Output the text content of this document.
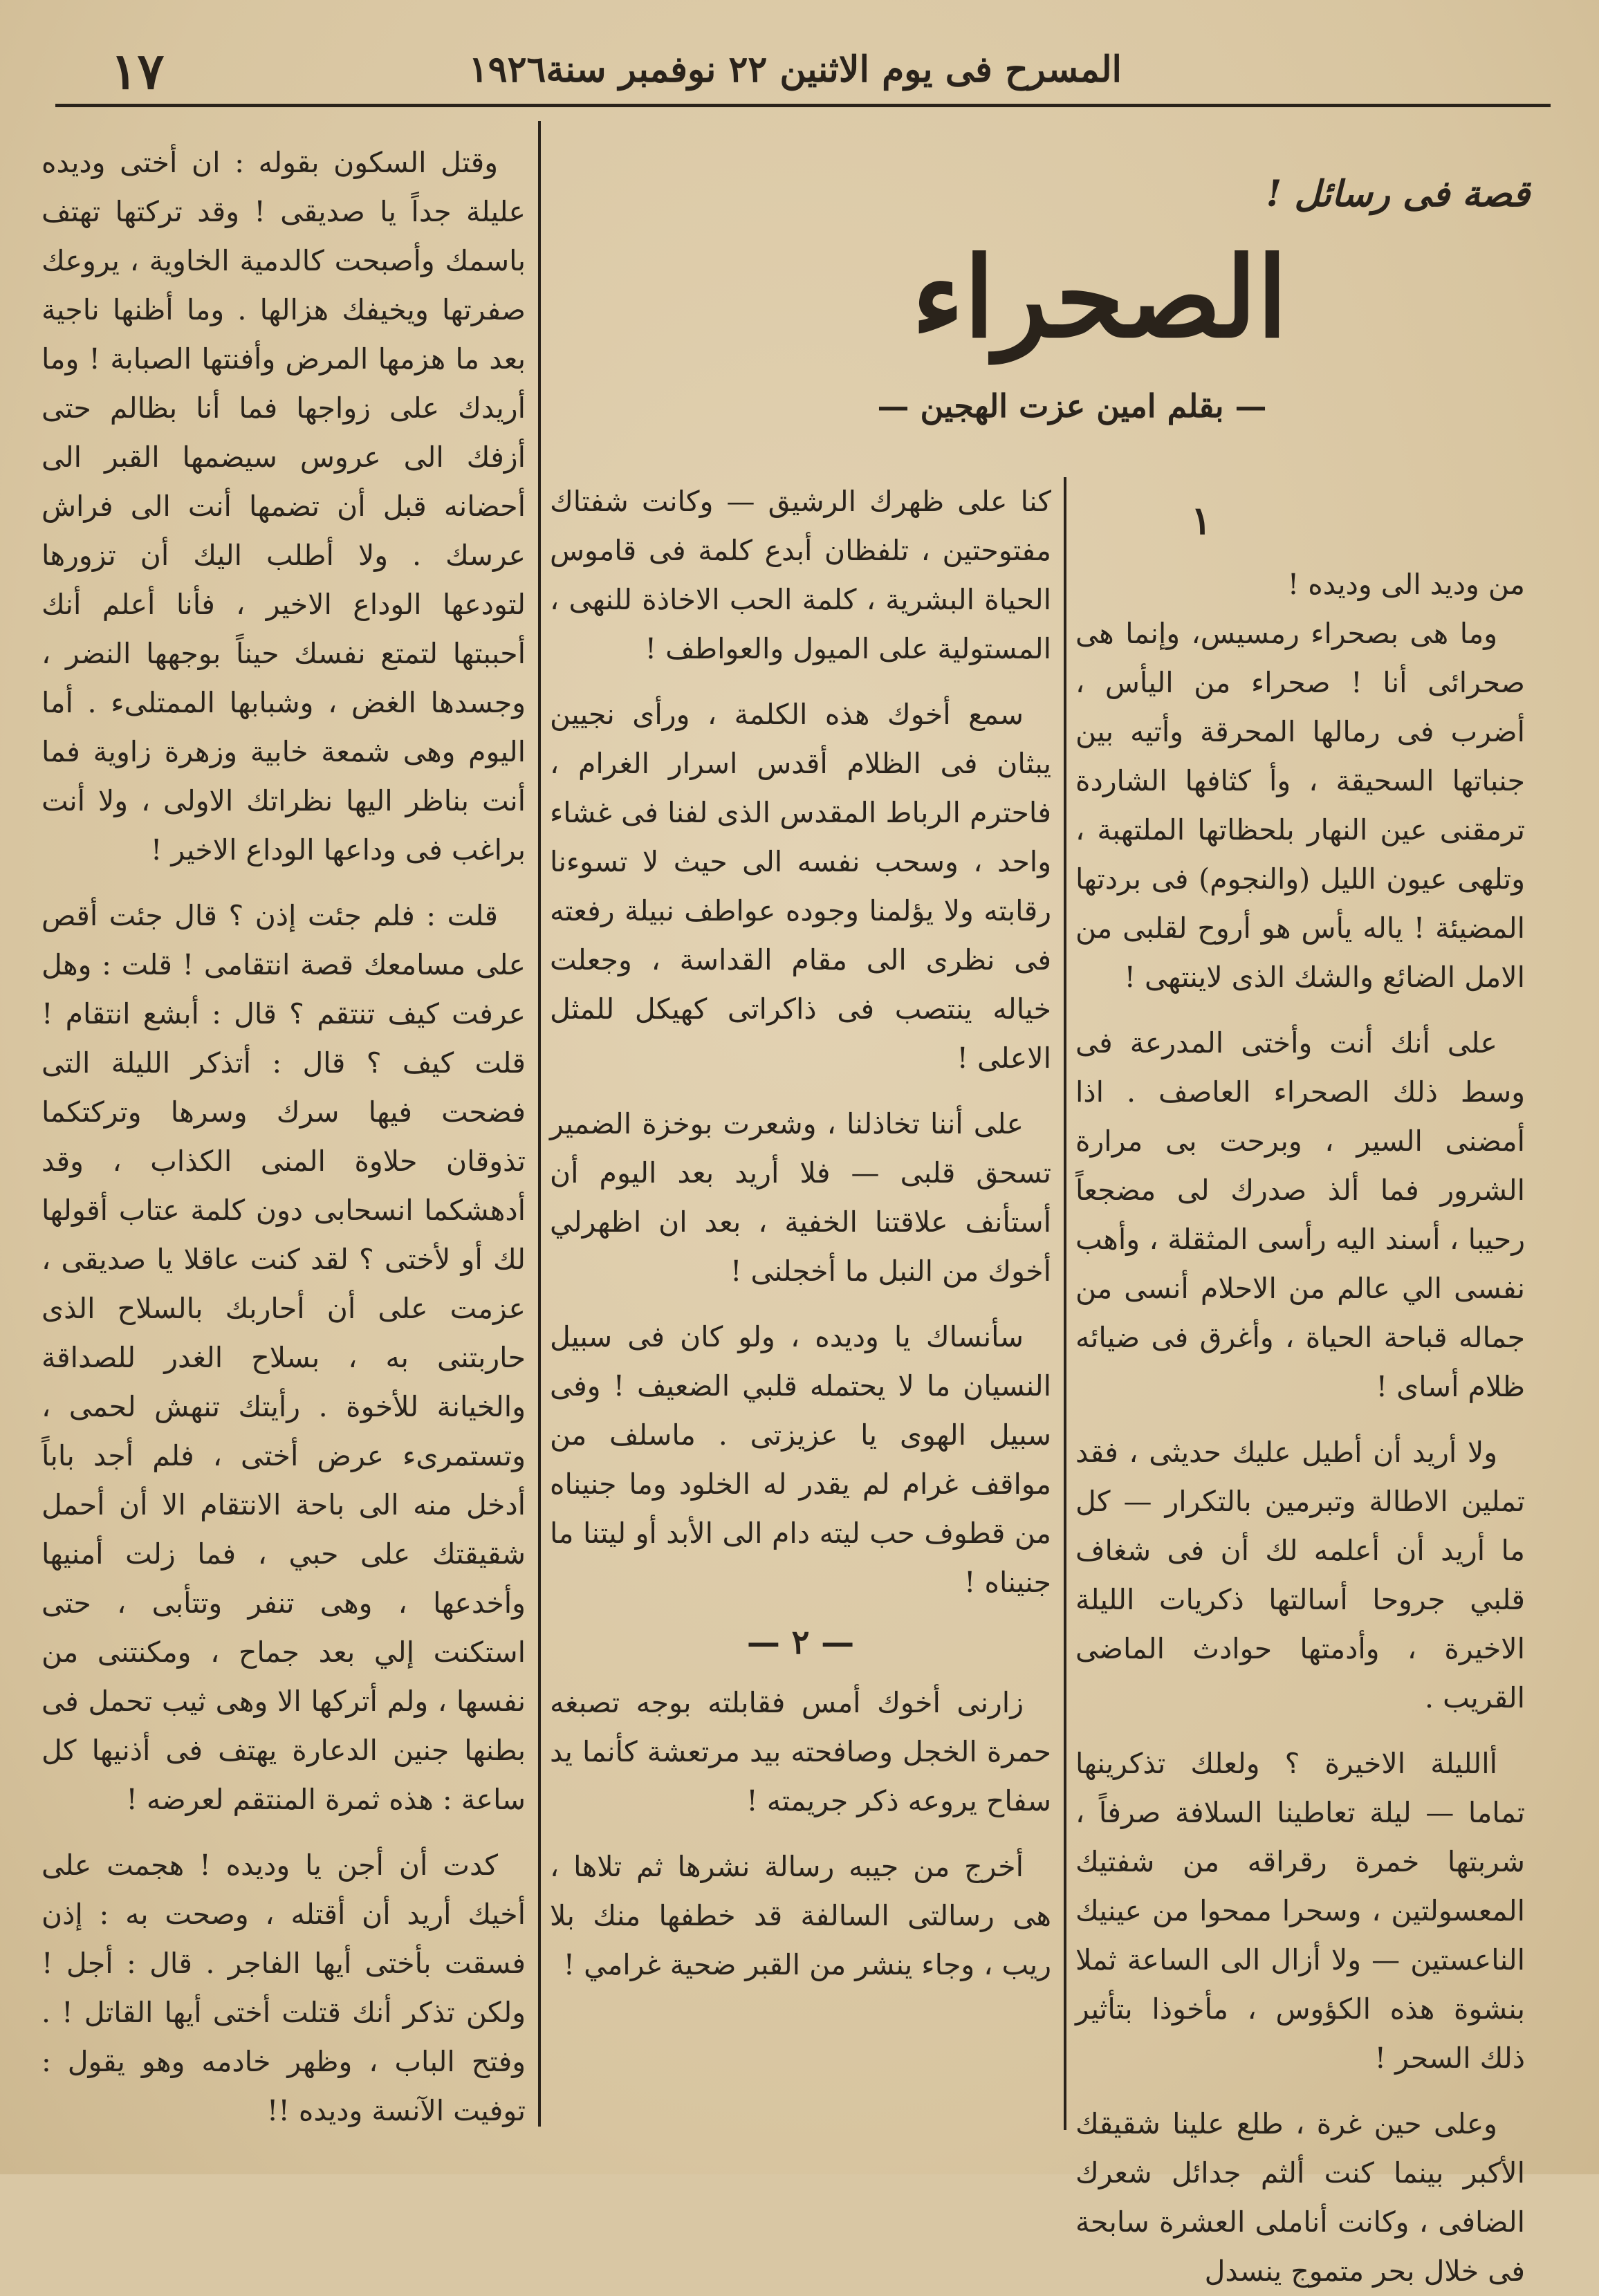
١٧	المسرح فى يوم الاثنين ٢٢ نوفمبر سنة١٩٢٦
قصة فى رسائل !
الصحراء
— بقلم امين عزت الهجين —
١

من وديد الى وديده !

وما هى بصحراء رمسيس، وإنما هى صحرائى أنا ! صحراء من اليأس ، أضرب فى رمالها المحرقة وأتيه بين جنباتها السحيقة ، وأ كثافها الشاردة ترمقنى عين النهار بلحظاتها الملتهبة ، وتلهى عيون الليل (والنجوم) فى بردتها المضيئة ! ياله يأس هو أروح لقلبى من الامل الضائع والشك الذى لاينتهى !

على أنك أنت وأختى المدرعة فى وسط ذلك الصحراء العاصف . اذا أمضنى السير ، وبرحت بى مرارة الشرور فما ألذ صدرك لى مضجعاً رحيبا ، أسند اليه رأسى المثقلة ، وأهب نفسى الي عالم من الاحلام أنسى من جماله قباحة الحياة ، وأغرق فى ضيائه ظلام أساى !

ولا أريد أن أطيل عليك حديثى ، فقد تملين الاطالة وتبرمين بالتكرار — كل ما أريد أن أعلمه لك أن فى شغاف قلبي جروحا أسالتها ذكريات الليلة الاخيرة ، وأدمتها حوادث الماضى القريب .

أالليلة الاخيرة ؟ ولعلك تذكرينها تماما — ليلة تعاطينا السلافة صرفاً ، شربتها خمرة رقراقه من شفتيك المعسولتين ، وسحرا ممحوا من عينيك الناعستين — ولا أزال الى الساعة ثملا بنشوة هذه الكؤوس ، مأخوذا بتأثير ذلك السحر !

وعلى حين غرة ، طلع علينا شقيقك الأكبر بينما كنت ألثم جدائل شعرك الضافى ، وكانت أناملى العشرة سابحة فى خلال بحر متموج ينسدل

كنا على ظهرك الرشيق — وكانت شفتاك مفتوحتين ، تلفظان أبدع كلمة فى قاموس الحياة البشرية ، كلمة الحب الاخاذة للنهى ، المستولية على الميول والعواطف !

سمع أخوك هذه الكلمة ، ورأى نجيين يبثان فى الظلام أقدس اسرار الغرام ، فاحترم الرباط المقدس الذى لفنا فى غشاء واحد ، وسحب نفسه الى حيث لا تسوءنا رقابته ولا يؤلمنا وجوده عواطف نبيلة رفعته فى نظرى الى مقام القداسة ، وجعلت خياله ينتصب فى ذاكراتى كهيكل للمثل الاعلى !

على أننا تخاذلنا ، وشعرت بوخزة الضمير تسحق قلبى — فلا أريد بعد اليوم أن أستأنف علاقتنا الخفية ، بعد ان اظهرلي أخوك من النبل ما أخجلنى !

سأنساك يا وديده ، ولو كان فى سبيل النسيان ما لا يحتمله قلبي الضعيف ! وفى سبيل الهوى يا عزيزتى . ماسلف من مواقف غرام لم يقدر له الخلود وما جنيناه من قطوف حب ليته دام الى الأبد أو ليتنا ما جنيناه !

— ٢ —

زارنى أخوك أمس فقابلته بوجه تصبغه حمرة الخجل وصافحته بيد مرتعشة كأنما يد سفاح يروعه ذكر جريمته !

أخرج من جيبه رسالة نشرها ثم تلاها ، هى رسالتى السالفة قد خطفها منك بلا ريب ، وجاء ينشر من القبر ضحية غرامي !

وقتل السكون بقوله : ان أختى وديده عليلة جداً يا صديقى ! وقد تركتها تهتف باسمك وأصبحت كالدمية الخاوية ، يروعك صفرتها ويخيفك هزالها . وما أظنها ناجية بعد ما هزمها المرض وأفنتها الصبابة ! وما أريدك على زواجها فما أنا بظالم حتى أزفك الى عروس سيضمها القبر الى أحضانه قبل أن تضمها أنت الى فراش عرسك . ولا أطلب اليك أن تزورها لتودعها الوداع الاخير ، فأنا أعلم أنك أحببتها لتمتع نفسك حيناً بوجهها النضر ، وجسدها الغض ، وشبابها الممتلىء . أما اليوم وهى شمعة خابية وزهرة زاوية فما أنت بناظر اليها نظراتك الاولى ، ولا أنت براغب فى وداعها الوداع الاخير !

قلت : فلم جئت إذن ؟ قال جئت أقص على مسامعك قصة انتقامى ! قلت : وهل عرفت كيف تنتقم ؟ قال : أبشع انتقام ! قلت كيف ؟ قال : أتذكر الليلة التى فضحت فيها سرك وسرها وتركتكما تذوقان حلاوة المنى الكذاب ، وقد أدهشكما انسحابى دون كلمة عتاب أقولها لك أو لأختى ؟ لقد كنت عاقلا يا صديقى ، عزمت على أن أحاربك بالسلاح الذى حاربتنى به ، بسلاح الغدر للصداقة والخيانة للأخوة . رأيتك تنهش لحمى ، وتستمرىء عرض أختى ، فلم أجد باباً أدخل منه الى باحة الانتقام الا أن أحمل شقيقتك على حبي ، فما زلت أمنيها وأخدعها ، وهى تنفر وتتأبى ، حتى استكنت إلي بعد جماح ، ومكنتنى من نفسها ، ولم أتركها الا وهى ثيب تحمل فى بطنها جنين الدعارة يهتف فى أذنيها كل ساعة : هذه ثمرة المنتقم لعرضه !

كدت أن أجن يا وديده ! هجمت على أخيك أريد أن أقتله ، وصحت به : إذن فسقت بأختى أيها الفاجر . قال : أجل ! ولكن تذكر أنك قتلت أختى أيها القاتل ! . وفتح الباب ، وظهر خادمه وهو يقول : توفيت الآنسة وديده !!
